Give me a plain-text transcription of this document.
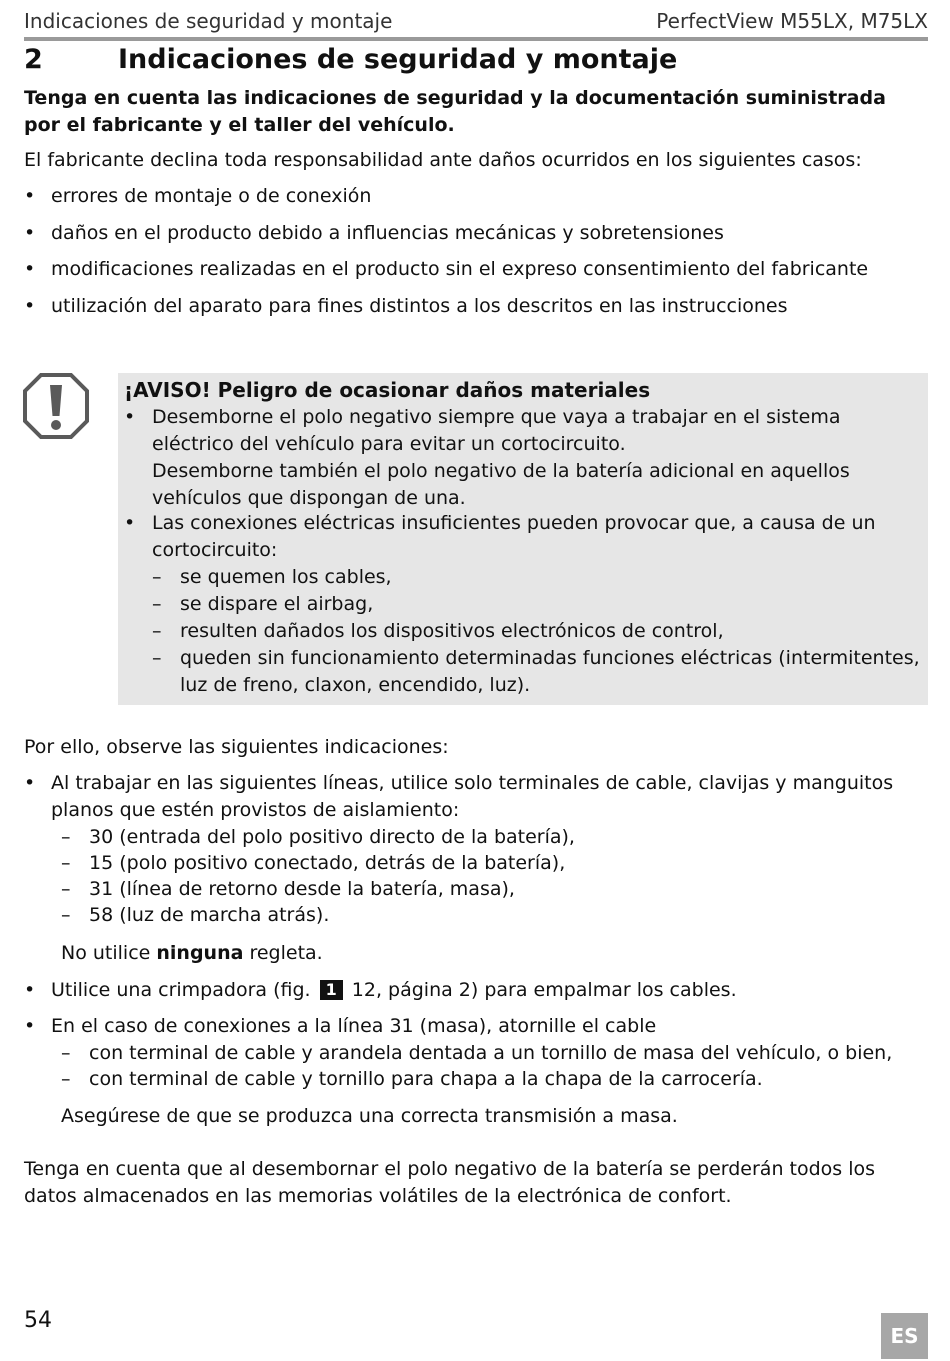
Indicaciones de seguridad y montaje	PerfectView M55LX, M75LX
2	Indicaciones de seguridad y montaje
Tenga en cuenta las indicaciones de seguridad y la documentación suministrada por el fabricante y el taller del vehículo.
El fabricante declina toda responsabilidad ante daños ocurridos en los siguientes casos:
• errores de montaje o de conexión
• daños en el producto debido a influencias mecánicas y sobretensiones
• modificaciones realizadas en el producto sin el expreso consentimiento del fabricante
• utilización del aparato para fines distintos a los descritos en las instrucciones
¡AVISO! Peligro de ocasionar daños materiales
• Desemborne el polo negativo siempre que vaya a trabajar en el sistema eléctrico del vehículo para evitar un cortocircuito.
Desemborne también el polo negativo de la batería adicional en aquellos vehículos que dispongan de una.
• Las conexiones eléctricas insuficientes pueden provocar que, a causa de un cortocircuito:
– se quemen los cables,
– se dispare el airbag,
– resulten dañados los dispositivos electrónicos de control,
– queden sin funcionamiento determinadas funciones eléctricas (intermitentes,
luz de freno, claxon, encendido, luz).
Por ello, observe las siguientes indicaciones:
• Al trabajar en las siguientes líneas, utilice solo terminales de cable, clavijas y manguitos planos que estén provistos de aislamiento:
– 30 (entrada del polo positivo directo de la batería),
– 15 (polo positivo conectado, detrás de la batería),
– 31 (línea de retorno desde la batería, masa),
– 58 (luz de marcha atrás).
No utilice ninguna regleta.
• Utilice una crimpadora (fig. 1 12, página 2) para empalmar los cables.
• En el caso de conexiones a la línea 31 (masa), atornille el cable
– con terminal de cable y arandela dentada a un tornillo de masa del vehículo, o bien,
– con terminal de cable y tornillo para chapa a la chapa de la carrocería.
Asegúrese de que se produzca una correcta transmisión a masa.
Tenga en cuenta que al desembornar el polo negativo de la batería se perderán todos los datos almacenados en las memorias volátiles de la electrónica de confort.
54
ES
